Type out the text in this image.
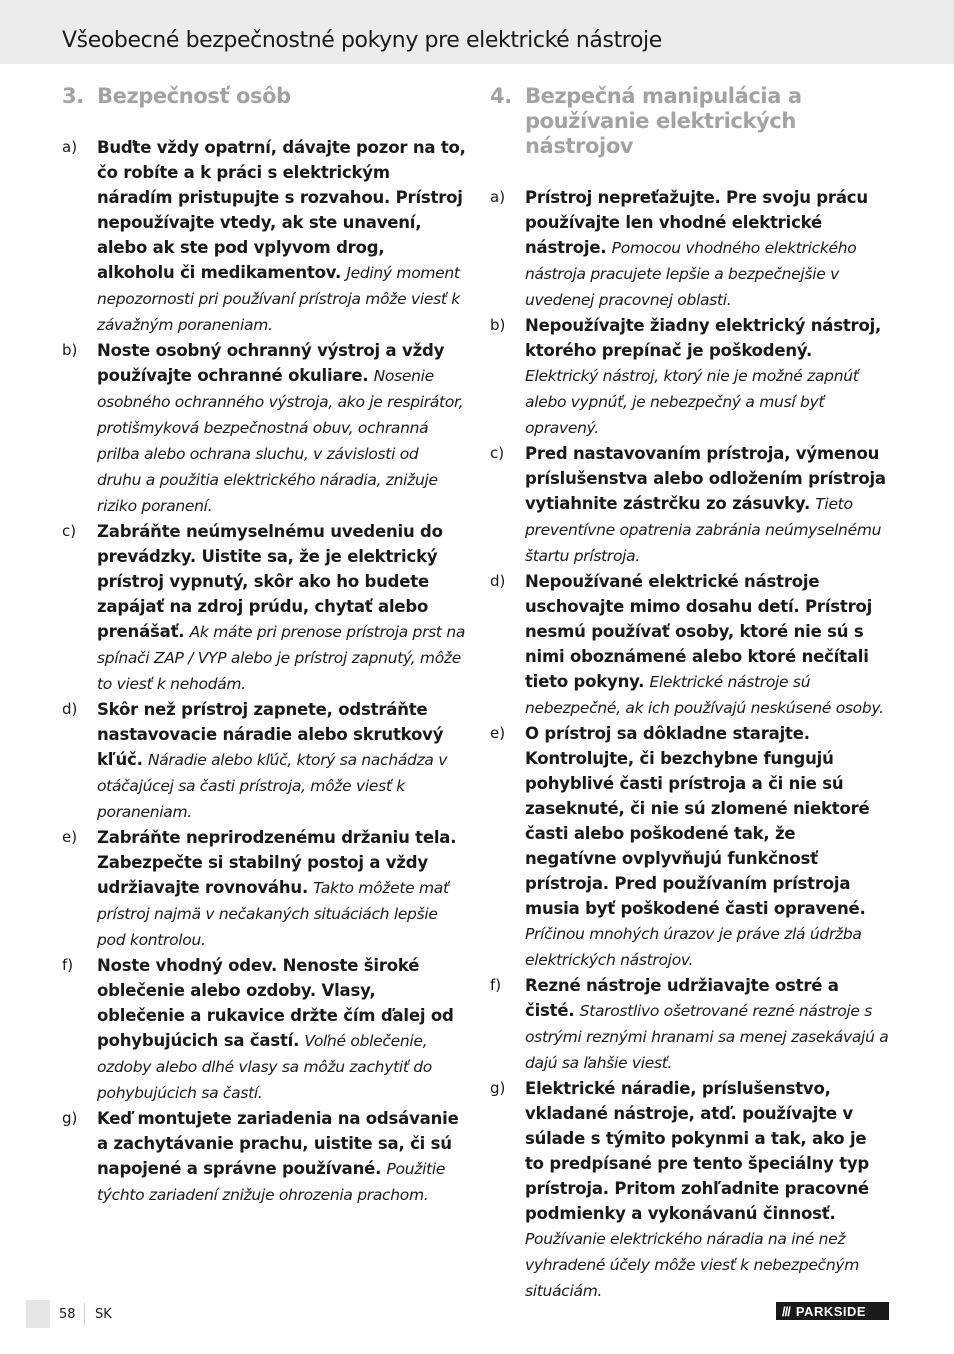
Všeobecné bezpečnostné pokyny pre elektrické nástroje
3. Bezpečnosť osôb
a)	Buďte vždy opatrní, dávajte pozor na to, čo robíte a k práci s elektrickým náradím pristupujte s rozvahou. Prístroj nepoužívajte vtedy, ak ste unavení, alebo ak ste pod vplyvom drog, alkoholu či medikamentov. Jediný moment nepozornosti pri používaní prístroja môže viesť k závažným poraneniam.
b)	Noste osobný ochranný výstroj a vždy používajte ochranné okuliare. Nosenie osobného ochranného výstroja, ako je respirátor, protišmyková bezpečnostná obuv, ochranná prilba alebo ochrana sluchu, v závislosti od druhu a použitia elektrického náradia, znižuje riziko poranení.
c)	Zabráňte neúmyselnému uvedeniu do prevádzky. Uistite sa, že je elektrický prístroj vypnutý, skôr ako ho budete zapájať na zdroj prúdu, chytať alebo prenášať. Ak máte pri prenose prístroja prst na spínači ZAP / VYP alebo je prístroj zapnutý, môže to viesť k nehodám.
d)	Skôr než prístroj zapnete, odstráňte nastavovacie náradie alebo skrutkový kľúč. Náradie alebo kľúč, ktorý sa nachádza v otáčajúcej sa časti prístroja, môže viesť k poraneniam.
e)	Zabráňte neprirodzenému držaniu tela. Zabezpečte si stabilný postoj a vždy udržiavajte rovnováhu. Takto môžete mať prístroj najmä v nečakaných situáciách lepšie pod kontrolou.
f)	Noste vhodný odev. Nenoste široké oblečenie alebo ozdoby. Vlasy, oblečenie a rukavice držte čím ďalej od pohybujúcich sa častí. Voľné oblečenie, ozdoby alebo dlhé vlasy sa môžu zachytiť do pohybujúcich sa častí.
g)	Keď montujete zariadenia na odsávanie a zachytávanie prachu, uistite sa, či sú napojené a správne používané. Použitie týchto zariadení znižuje ohrozenia prachom.
4. Bezpečná manipulácia a používanie elektrických nástrojov
a)	Prístroj nepreťažujte. Pre svoju prácu používajte len vhodné elektrické nástroje. Pomocou vhodného elektrického nástroja pracujete lepšie a bezpečnejšie v uvedenej pracovnej oblasti.
b)	Nepoužívajte žiadny elektrický nástroj, ktorého prepínač je poškodený. Elektrický nástroj, ktorý nie je možné zapnúť alebo vypnúť, je nebezpečný a musí byť opravený.
c)	Pred nastavovaním prístroja, výmenou príslušenstva alebo odložením prístroja vytiahnite zástrčku zo zásuvky. Tieto preventívne opatrenia zabránia neúmyselnému štartu prístroja.
d)	Nepoužívané elektrické nástroje uschovajte mimo dosahu detí. Prístroj nesmú používať osoby, ktoré nie sú s nimi oboznámené alebo ktoré nečítali tieto pokyny. Elektrické nástroje sú nebezpečné, ak ich používajú neskúsené osoby.
e)	O prístroj sa dôkladne starajte. Kontrolujte, či bezchybne fungujú pohyblivé časti prístroja a či nie sú zaseknuté, či nie sú zlomené niektoré časti alebo poškodené tak, že negatívne ovplyvňujú funkčnosť prístroja. Pred používaním prístroja musia byť poškodené časti opravené. Príčinou mnohých úrazov je práve zlá údržba elektrických nástrojov.
f)	Rezné nástroje udržiavajte ostré a čisté. Starostlivo ošetrované rezné nástroje s ostrými reznými hranami sa menej zasekávajú a dajú sa ľahšie viesť.
g)	Elektrické náradie, príslušenstvo, vkladané nástroje, atď. používajte v súlade s týmito pokynmi a tak, ako je to predpísané pre tento špeciálny typ prístroja. Pritom zohľadnite pracovné podmienky a vykonávanú činnosť. Používanie elektrického náradia na iné než vyhradené účely môže viesť k nebezpečným situáciám.
58 SK	/// PARKSIDE
